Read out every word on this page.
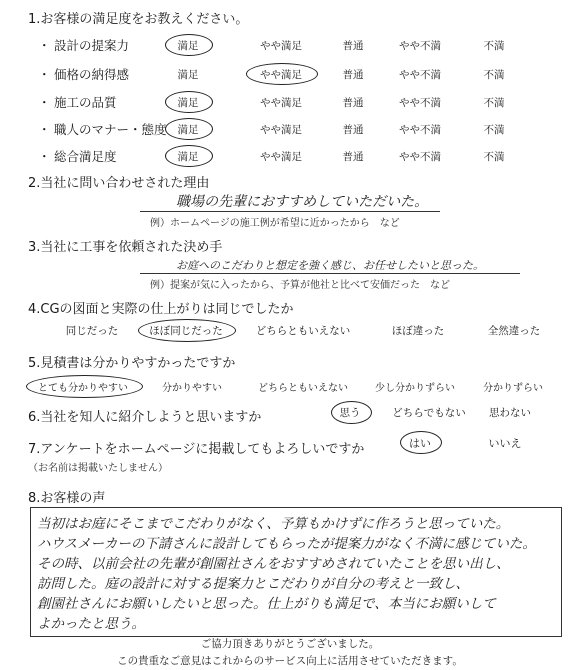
1.お客様の満足度をお教えください。
・ 設計の提案力	満足	やや満足	普通	やや不満	不満
・ 価格の納得感	満足	やや満足	普通	やや不満	不満
・ 施工の品質	満足	やや満足	普通	やや不満	不満
・ 職人のマナー・態度	満足	やや満足	普通	やや不満	不満
・ 総合満足度	満足	やや満足	普通	やや不満	不満
2.当社に問い合わせされた理由
職場の先輩におすすめしていただいた。
例）ホームページの施工例が希望に近かったから　など
3.当社に工事を依頼された決め手
お庭へのこだわりと想定を強く感じ、お任せしたいと思った。
例）提案が気に入ったから、予算が他社と比べて安価だった　など
4.CGの図面と実際の仕上がりは同じでしたか
同じだった	ほぼ同じだった	どちらともいえない	ほぼ違った	全然違った
5.見積書は分かりやすかったですか
とても分かりやすい	分かりやすい	どちらともいえない	少し分かりずらい	分かりずらい
6.当社を知人に紹介しようと思いますか	思う	どちらでもない	思わない
7.アンケートをホームページに掲載してもよろしいですか
（お名前は掲載いたしません）
はい	いいえ
8.お客様の声
当初はお庭にそこまでこだわりがなく、予算もかけずに作ろうと思っていた。
ハウスメーカーの下請さんに設計してもらったが提案力がなく不満に感じていた。
その時、以前会社の先輩が創園社さんをおすすめされていたことを思い出し、
訪問した。庭の設計に対する提案力とこだわりが自分の考えと一致し、
創園社さんにお願いしたいと思った。仕上がりも満足で、本当にお願いして
よかったと思う。
ご協力頂きありがとうございました。
この貴重なご意見はこれからのサービス向上に活用させていただきます。
